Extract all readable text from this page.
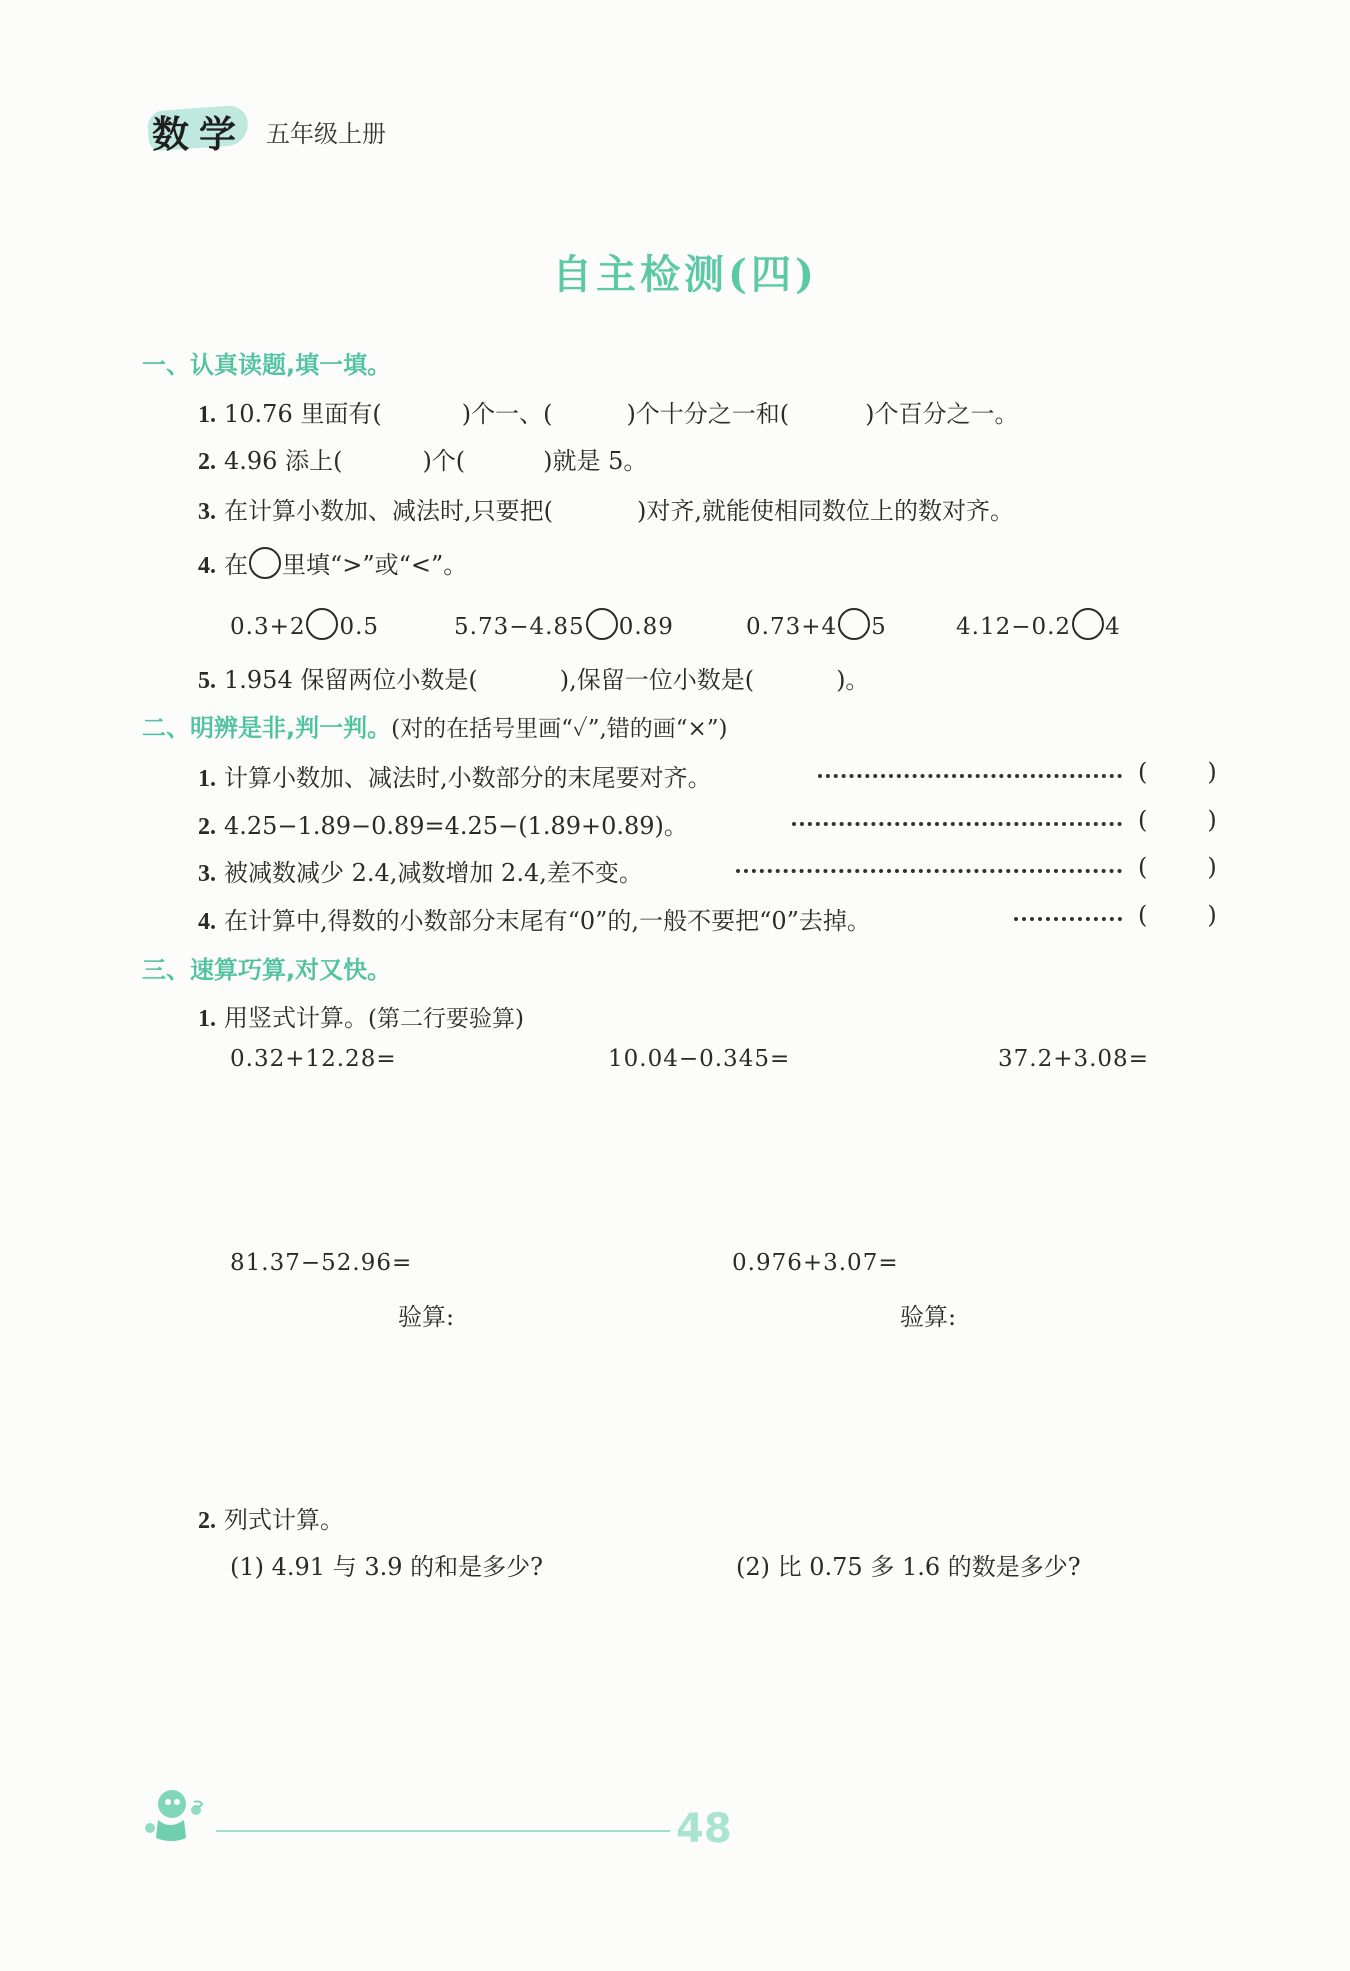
数学 五年级上册
自主检测(四)
一、认真读题,填一填。
1. 10.76 里面有(	)个一、(	)个十分之一和(	)个百分之一。
2. 4.96 添上(	)个(	)就是 5。
3. 在计算小数加、减法时,只要把(	)对齐,就能使相同数位上的数对齐。
4. 在 里填“>”或“<”。
0.3+2 0.5	5.73−4.85 0.89	0.73+4 5	4.12−0.2 4
5. 1.954 保留两位小数是(	),保留一位小数是(	)。
二、明辨是非,判一判。(对的在括号里画“✓”,错的画“×”)
1. 计算小数加、减法时,小数部分的末尾要对齐。	(	)
2. 4.25−1.89−0.89=4.25−(1.89+0.89)。	(	)
3. 被减数减少 2.4,减数增加 2.4,差不变。	(	)
4. 在计算中,得数的小数部分末尾有“0”的,一般不要把“0”去掉。	(	)
三、速算巧算,对又快。
1. 用竖式计算。(第二行要验算)
0.32+12.28=	10.04−0.345=	37.2+3.08=
81.37−52.96=	0.976+3.07=
验算:	验算:
2. 列式计算。
(1) 4.91 与 3.9 的和是多少?	(2) 比 0.75 多 1.6 的数是多少?
48
